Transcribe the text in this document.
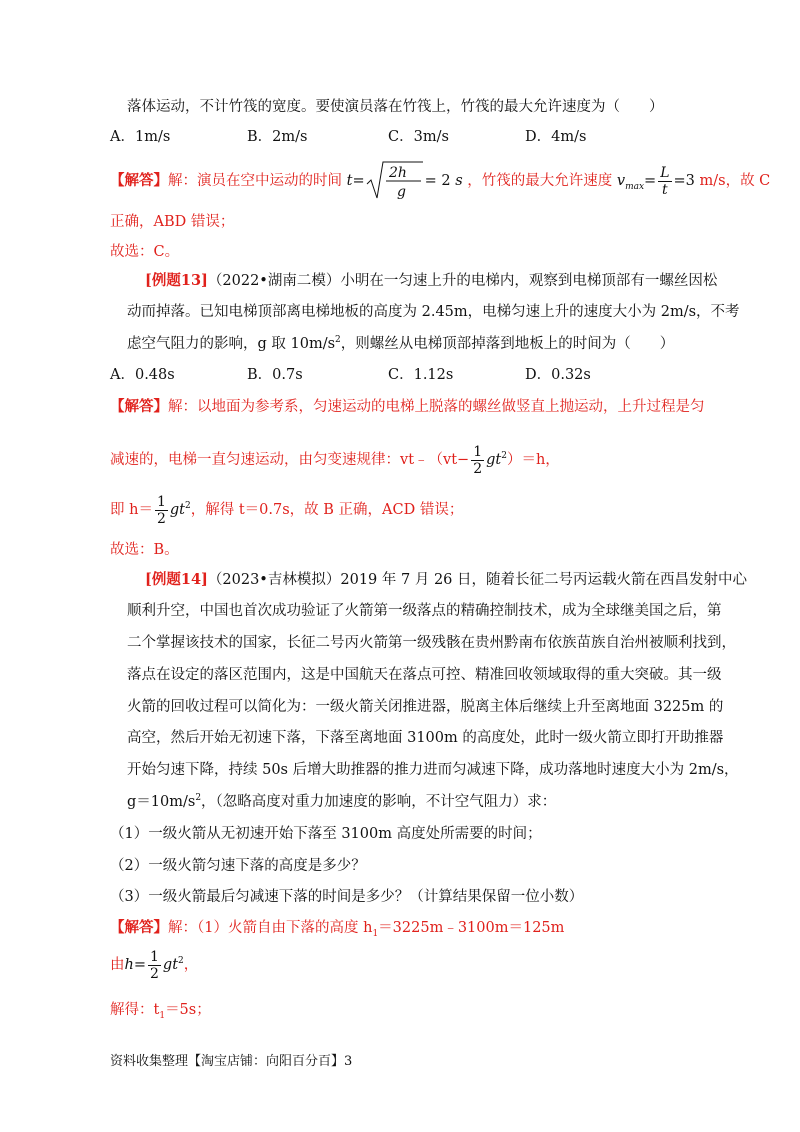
落体运动，不计竹筏的宽度。要使演员落在竹筏上，竹筏的最大允许速度为（　　）
A．1m/s	B．2m/s	C．3m/s	D．4m/s
【解答】解：演员在空中运动的时间 t= 2h
g
= 2 s ，竹筏的最大允许速度 $v_{max}= \frac{L}{t} =3$ m/s，故 C
正确，ABD 错误；
故选：C。
[例题13]（2022•湖南二模）小明在一匀速上升的电梯内，观察到电梯顶部有一螺丝因松
动而掉落。已知电梯顶部离电梯地板的高度为 2.45m，电梯匀速上升的速度大小为 2m/s，不考
虑空气阻力的影响，g 取 $10m/s^2$，则螺丝从电梯顶部掉落到地板上的时间为（　　）
A．0.48s	B．0.7s	C．1.12s	D．0.32s
【解答】解：以地面为参考系，匀速运动的电梯上脱落的螺丝做竖直上抛运动，上升过程是匀
减速的，电梯一直匀速运动，由匀变速规律：vt﹣（vt− $\frac{1}{2} gt^2)=h$，
即 $h= \frac{1}{2} gt^2$，解得 t＝0.7s，故 B 正确，ACD 错误；
故选：B。
[例题14]（2023•吉林模拟）2019 年 7 月 26 日，随着长征二号丙运载火箭在西昌发射中心
顺利升空，中国也首次成功验证了火箭第一级落点的精确控制技术，成为全球继美国之后，第
二个掌握该技术的国家，长征二号丙火箭第一级残骸在贵州黔南布依族苗族自治州被顺利找到，
落点在设定的落区范围内，这是中国航天在落点可控、精准回收领域取得的重大突破。其一级
火箭的回收过程可以简化为：一级火箭关闭推进器，脱离主体后继续上升至离地面 3225m 的
高空，然后开始无初速下落，下落至离地面 3100m 的高度处，此时一级火箭立即打开助推器
开始匀速下降，持续 50s 后增大助推器的推力进而匀减速下降，成功落地时速度大小为 2m/s，
$g=10m/s^2$，（忽略高度对重力加速度的影响，不计空气阻力）求：
（1）一级火箭从无初速开始下落至 3100m 高度处所需要的时间；
（2）一级火箭匀速下落的高度是多少？
（3）一级火箭最后匀减速下落的时间是多少？（计算结果保留一位小数）
【解答】解：（1）火箭自由下落的高度 $h_1=3225m﹣3100m=125m$
由$h= \frac{1}{2} gt^2$，
解得：$t_1=5s$；
资料收集整理【淘宝店铺：向阳百分百】3
